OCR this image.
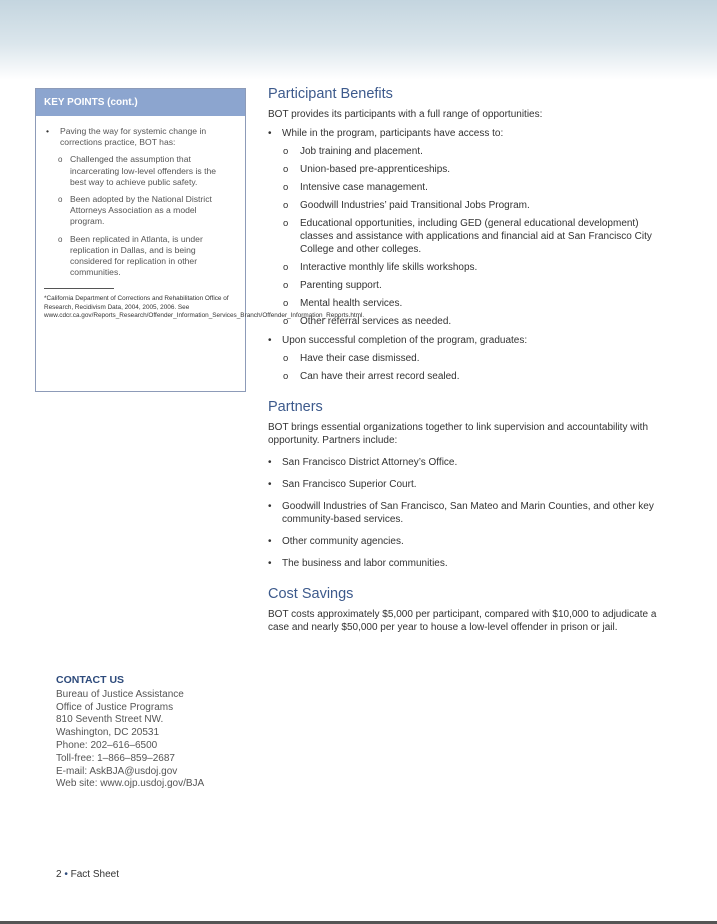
KEY POINTS (cont.)
•	Paving the way for systemic change in corrections practice, BOT has:
o Challenged the assumption that incarcerating low-level offenders is the best way to achieve public safety.
o Been adopted by the National District Attorneys Association as a model program.
o Been replicated in Atlanta, is under replication in Dallas, and is being considered for replication in other communities.
*California Department of Corrections and Rehabilitation Office of Research, Recidivism Data, 2004, 2005, 2006. See www.cdcr.ca.gov/Reports_Research/Offender_Information_Services_Branch/Offender_Information_Reports.html.
CONTACT US
Bureau of Justice Assistance
Office of Justice Programs
810 Seventh Street NW.
Washington, DC 20531
Phone: 202–616–6500
Toll-free: 1–866–859–2687
E-mail: AskBJA@usdoj.gov
Web site: www.ojp.usdoj.gov/BJA
2 • Fact Sheet
Participant Benefits
BOT provides its participants with a full range of opportunities:
•	While in the program, participants have access to:
o	Job training and placement.
o	Union-based pre-apprenticeships.
o	Intensive case management.
o	Goodwill Industries’ paid Transitional Jobs Program.
o	Educational opportunities, including GED (general educational development) classes and assistance with applications and financial aid at San Francisco City College and other colleges.
o	Interactive monthly life skills workshops.
o	Parenting support.
o	Mental health services.
o	Other referral services as needed.
•	Upon successful completion of the program, graduates:
o	Have their case dismissed.
o	Can have their arrest record sealed.
Partners
BOT brings essential organizations together to link supervision and accountability with opportunity. Partners include:
•	San Francisco District Attorney’s Office.
•	San Francisco Superior Court.
•	Goodwill Industries of San Francisco, San Mateo and Marin Counties, and other key community-based services.
•	Other community agencies.
•	The business and labor communities.
Cost Savings
BOT costs approximately $5,000 per participant, compared with $10,000 to adjudicate a case and nearly $50,000 per year to house a low-level offender in prison or jail.
